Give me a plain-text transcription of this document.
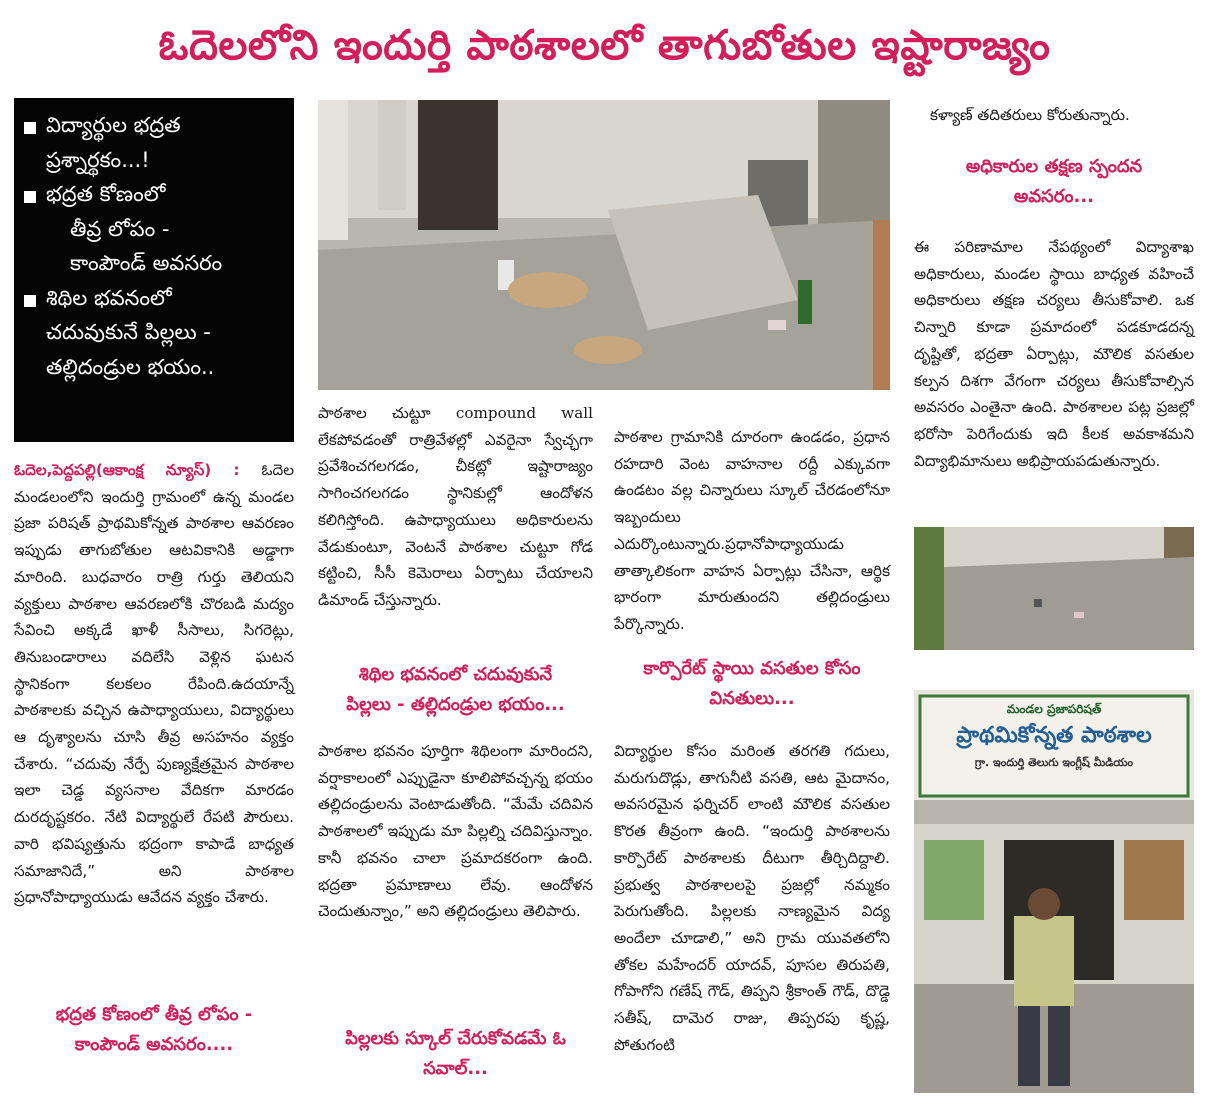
ఓదెలలోని ఇందుర్తి పాఠశాలలో తాగుబోతుల ఇష్టారాజ్యం
విద్యార్థుల భద్రత
ప్రశ్నార్థకం...!
భద్రత కోణంలో
తీవ్ర లోపం -
కాంపౌండ్ అవసరం
శిథిల భవనంలో
చదువుకునే పిల్లలు -
తల్లిదండ్రుల భయం..

ఓదెల,పెద్దపల్లి(ఆకాంక్ష న్యూస్) : ఓదెల మండలంలోని ఇందుర్తి గ్రామంలో ఉన్న మండల ప్రజా పరిషత్ ప్రాథమికోన్నత పాఠశాల ఆవరణం ఇప్పుడు తాగుబోతుల ఆటవికానికి అడ్డాగా మారింది. బుధవారం రాత్రి గుర్తు తెలియని వ్యక్తులు పాఠశాల ఆవరణలోకి చొరబడి మద్యం సేవించి అక్కడే ఖాళీ సీసాలు, సిగరెట్లు, తినుబండారాలు వదిలేసి వెళ్లిన ఘటన స్థానికంగా కలకలం రేపింది.ఉదయాన్నే పాఠశాలకు వచ్చిన ఉపాధ్యాయులు, విద్యార్థులు ఆ దృశ్యాలను చూసి తీవ్ర అసహనం వ్యక్తం చేశారు. “చదువు నేర్పే పుణ్యక్షేత్రమైన పాఠశాల ఇలా చెడ్డ వ్యసనాల వేదికగా మారడం దురదృష్టకరం. నేటి విద్యార్థులే రేపటి పౌరులు. వారి భవిష్యత్తును భద్రంగా కాపాడే బాధ్యత సమాజానిదే,” అని పాఠశాల ప్రధానోపాధ్యాయుడు ఆవేదన వ్యక్తం చేశారు.

భద్రత కోణంలో తీవ్ర లోపం -
కాంపౌండ్ అవసరం....

పాఠశాల చుట్టూ compound wall లేకపోవడంతో రాత్రివేళల్లో ఎవరైనా స్వేచ్ఛగా ప్రవేశించగలగడం, చీకట్లో ఇష్టారాజ్యం సాగించగలగడం స్థానికుల్లో ఆందోళన కలిగిస్తోంది. ఉపాధ్యాయులు అధికారులను వేడుకుంటూ, వెంటనే పాఠశాల చుట్టూ గోడ కట్టించి, సీసీ కెమెరాలు ఏర్పాటు చేయాలని డిమాండ్ చేస్తున్నారు.

శిథిల భవనంలో చదువుకునే
పిల్లలు - తల్లిదండ్రుల భయం...

పాఠశాల భవనం పూర్తిగా శిథిలంగా మారిందని, వర్షాకాలంలో ఎప్పుడైనా కూలిపోవచ్చన్న భయం తల్లిదండ్రులను వెంటాడుతోంది. “మేమే చదివిన పాఠశాలలో ఇప్పుడు మా పిల్లల్ని చదివిస్తున్నాం. కానీ భవనం చాలా ప్రమాదకరంగా ఉంది. భద్రతా ప్రమాణాలు లేవు. ఆందోళన చెందుతున్నాం,” అని తల్లిదండ్రులు తెలిపారు.

పిల్లలకు స్కూల్ చేరుకోవడమే ఓ
సవాల్...

పాఠశాల గ్రామానికి దూరంగా ఉండడం, ప్రధాన రహదారి వెంట వాహనాల రద్దీ ఎక్కువగా ఉండటం వల్ల చిన్నారులు స్కూల్ చేరడంలోనూ ఇబ్బందులు ఎదుర్కొంటున్నారు.ప్రధానోపాధ్యాయుడు తాత్కాలికంగా వాహన ఏర్పాట్లు చేసినా, ఆర్థిక భారంగా మారుతుందని తల్లిదండ్రులు పేర్కొన్నారు.

కార్పొరేట్ స్థాయి వసతుల కోసం
వినతులు...

విద్యార్థుల కోసం మరింత తరగతి గదులు, మరుగుదొడ్లు, తాగునీటి వసతి, ఆట మైదానం, అవసరమైన ఫర్నిచర్ లాంటి మౌలిక వసతుల కొరత తీవ్రంగా ఉంది. “ఇందుర్తి పాఠశాలను కార్పొరేట్ పాఠశాలకు దీటుగా తీర్చిదిద్దాలి. ప్రభుత్వ పాఠశాలలపై ప్రజల్లో నమ్మకం పెరుగుతోంది. పిల్లలకు నాణ్యమైన విద్య అందేలా చూడాలి,” అని గ్రామ యువతలోని తోకల మహేందర్ యాదవ్, పూసల తిరుపతి, గోపాగోని గణేష్ గౌడ్, తిప్పని శ్రీకాంత్ గౌడ్, దొడ్డె సతీష్, దామెర రాజు, తిప్పరపు కృష్ణ, పోతుగంటి

కళ్యాణ్ తదితరులు కోరుతున్నారు.

అధికారుల తక్షణ స్పందన
అవసరం...

ఈ పరిణామాల నేపథ్యంలో విద్యాశాఖ అధికారులు, మండల స్థాయి బాధ్యత వహించే అధికారులు తక్షణ చర్యలు తీసుకోవాలి. ఒక చిన్నారి కూడా ప్రమాదంలో పడకూడదన్న దృష్టితో, భద్రతా ఏర్పాట్లు, మౌలిక వసతుల కల్పన దిశగా వేగంగా చర్యలు తీసుకోవాల్సిన అవసరం ఎంతైనా ఉంది. పాఠశాలల పట్ల ప్రజల్లో భరోసా పెరిగేందుకు ఇది కీలక అవకాశమని విద్యాభిమానులు అభిప్రాయపడుతున్నారు.

మండల ప్రజాపరిషత్
ప్రాథమికోన్నత పాఠశాల
గ్రా. ఇందుర్తి తెలుగు ఇంగ్లీష్ మీడియం
